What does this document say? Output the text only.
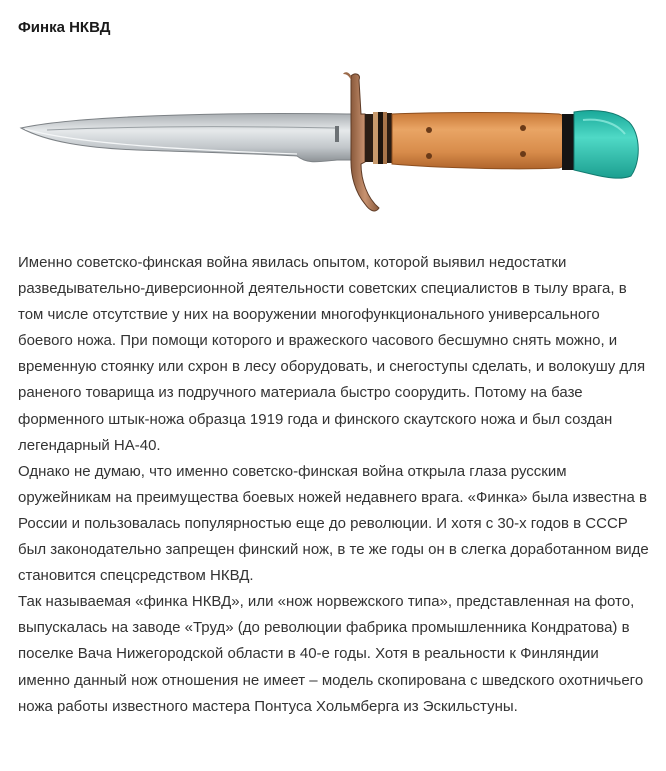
Финка НКВД

Именно советско-финская война явилась опытом, которой выявил недостатки разведывательно-диверсионной деятельности советских специалистов в тылу врага, в том числе отсутствие у них на вооружении многофункционального универсального боевого ножа. При помощи которого и вражеского часового бесшумно снять можно, и временную стоянку или схрон в лесу оборудовать, и снегоступы сделать, и волокушу для раненого товарища из подручного материала быстро соорудить. Потому на базе форменного штык-ножа образца 1919 года и финского скаутского ножа и был создан легендарный НА-40.

Однако не думаю, что именно советско-финская война открыла глаза русским оружейникам на преимущества боевых ножей недавнего врага. «Финка» была известна в России и пользовалась популярностью еще до революции. И хотя с 30-х годов в СССР был законодательно запрещен финский нож, в те же годы он в слегка доработанном виде становится спецсредством НКВД.

Так называемая «финка НКВД», или «нож норвежского типа», представленная на фото, выпускалась на заводе «Труд» (до революции фабрика промышленника Кондратова) в поселке Вача Нижегородской области в 40-е годы. Хотя в реальности к Финляндии именно данный нож отношения не имеет – модель скопирована с шведского охотничьего ножа работы известного мастера Понтуса Хольмберга из Эскильстуны.
